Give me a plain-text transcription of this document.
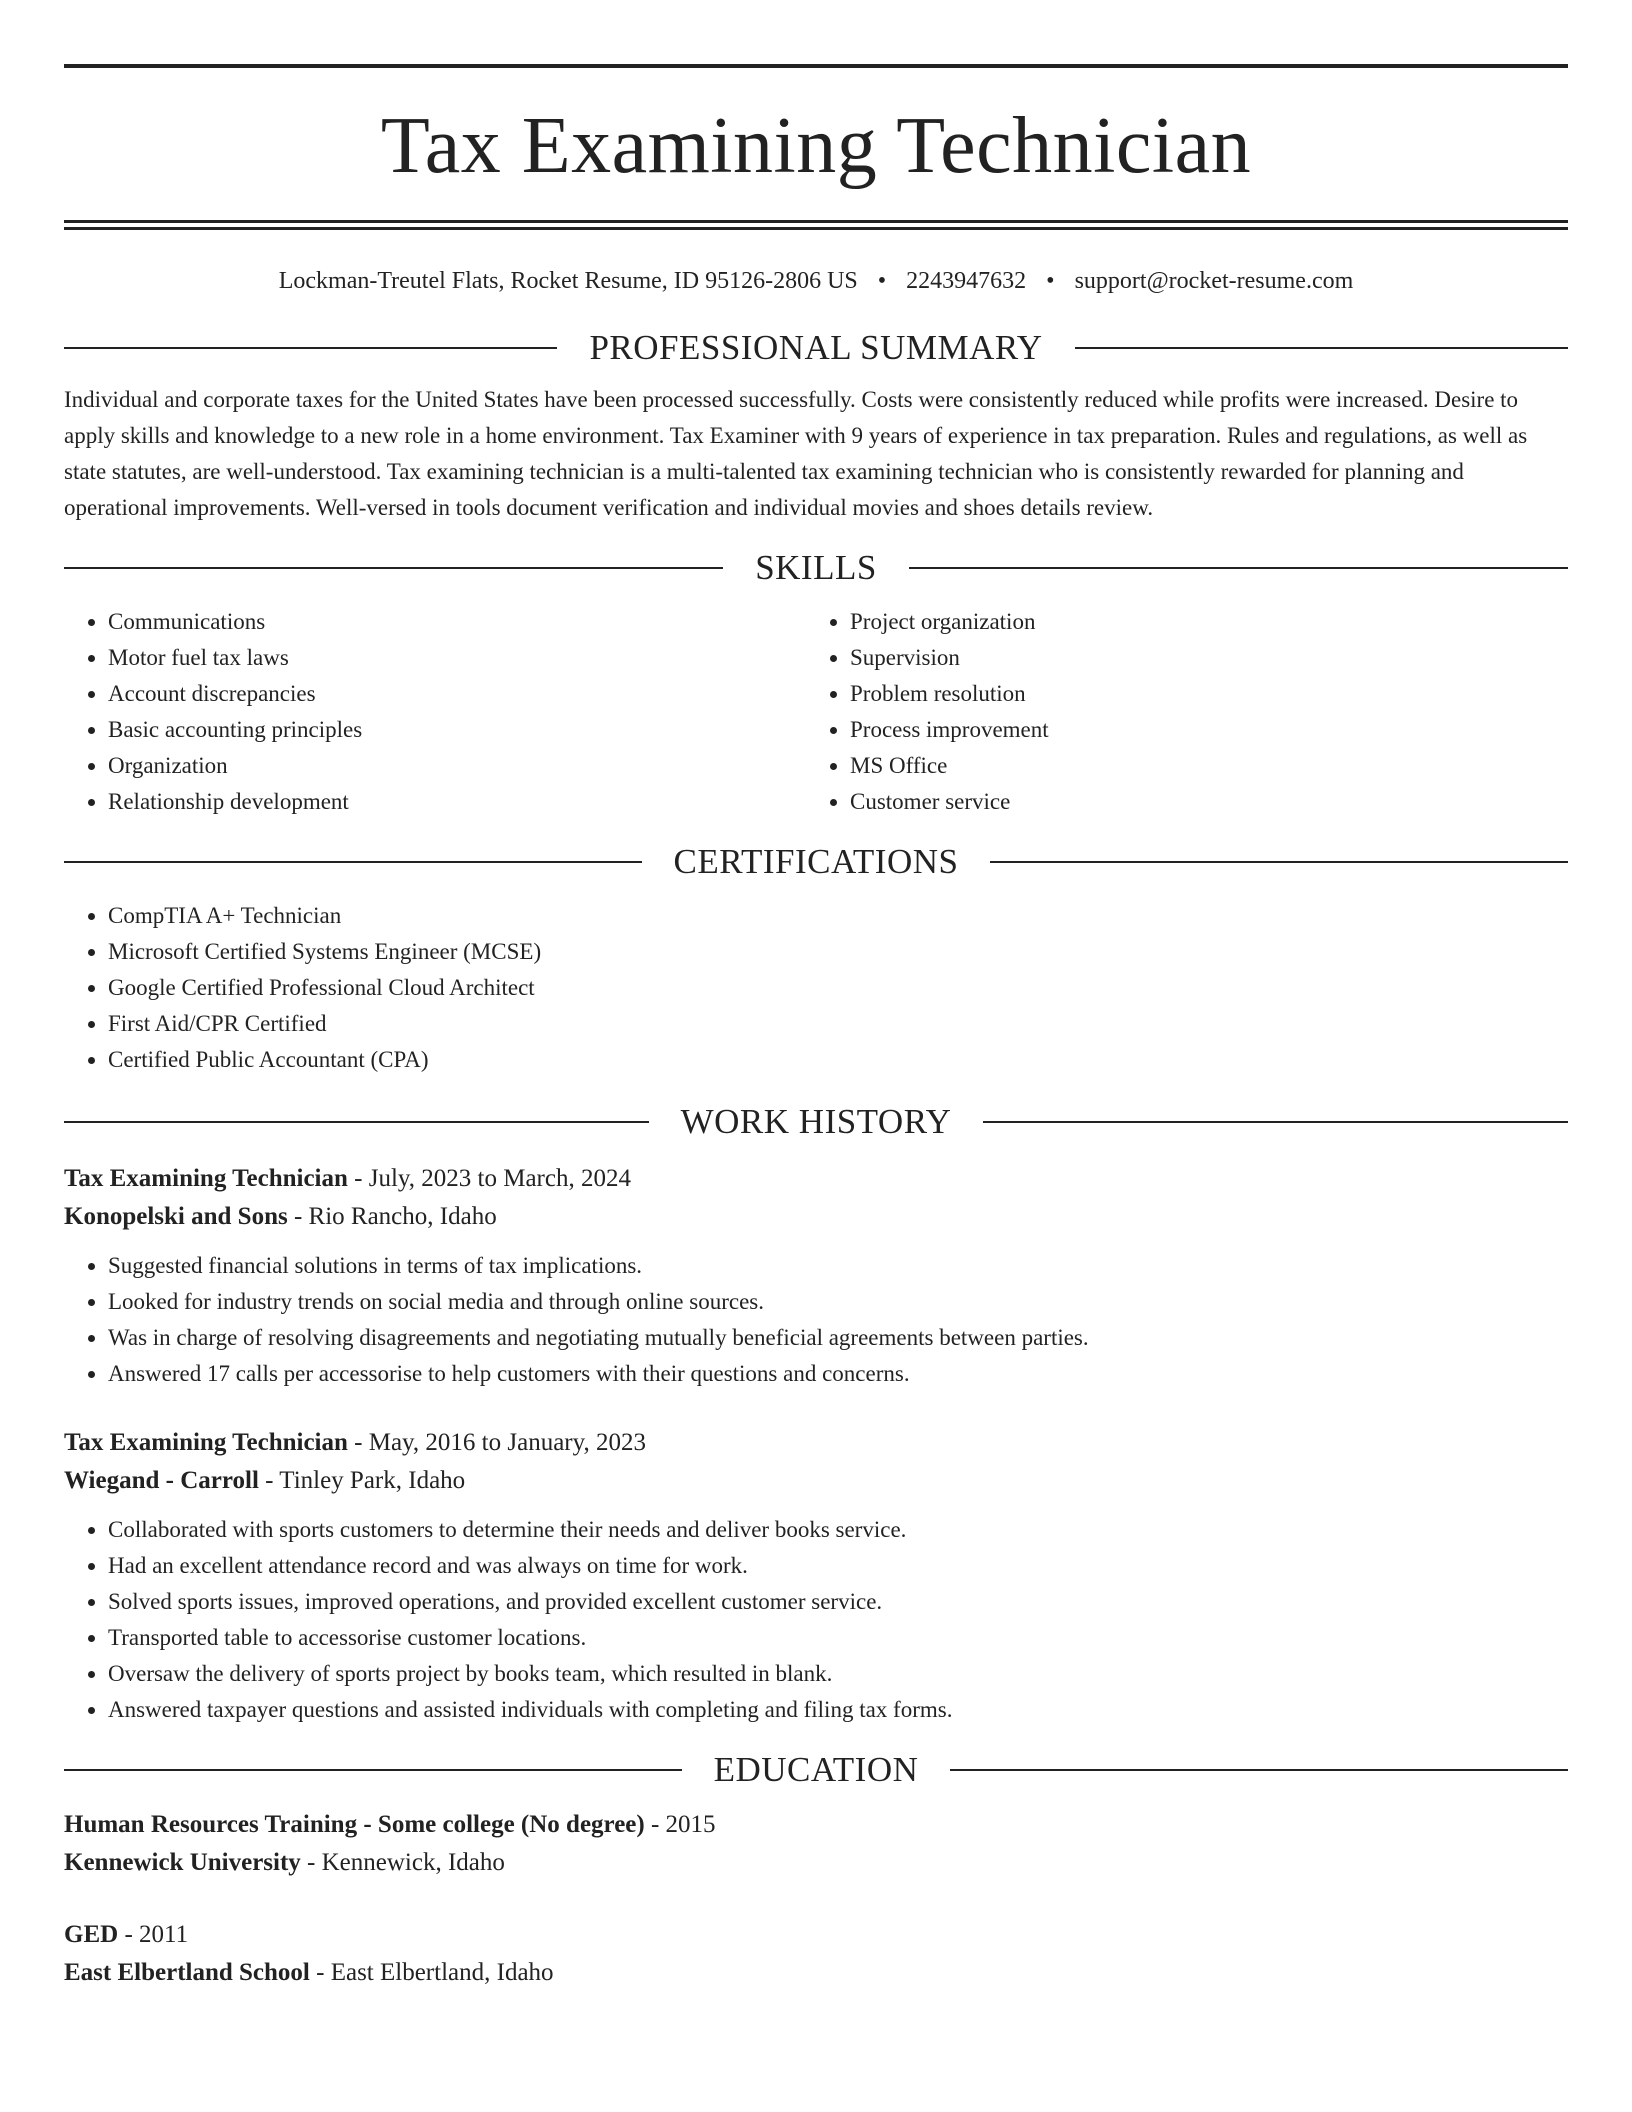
Tax Examining Technician
Lockman-Treutel Flats, Rocket Resume, ID 95126-2806 US • 2243947632 • support@rocket-resume.com
PROFESSIONAL SUMMARY

Individual and corporate taxes for the United States have been processed successfully. Costs were consistently reduced while profits were increased. Desire to apply skills and knowledge to a new role in a home environment. Tax Examiner with 9 years of experience in tax preparation. Rules and regulations, as well as state statutes, are well-understood. Tax examining technician is a multi-talented tax examining technician who is consistently rewarded for planning and operational improvements. Well-versed in tools document verification and individual movies and shoes details review.

SKILLS
• Communications
• Motor fuel tax laws
• Account discrepancies
• Basic accounting principles
• Organization
• Relationship development
• Project organization
• Supervision
• Problem resolution
• Process improvement
• MS Office
• Customer service
CERTIFICATIONS
• CompTIA A+ Technician
• Microsoft Certified Systems Engineer (MCSE)
• Google Certified Professional Cloud Architect
• First Aid/CPR Certified
• Certified Public Accountant (CPA)
WORK HISTORY
Tax Examining Technician - July, 2023 to March, 2024
Konopelski and Sons - Rio Rancho, Idaho
• Suggested financial solutions in terms of tax implications.
• Looked for industry trends on social media and through online sources.
• Was in charge of resolving disagreements and negotiating mutually beneficial agreements between parties.
• Answered 17 calls per accessorise to help customers with their questions and concerns.
Tax Examining Technician - May, 2016 to January, 2023
Wiegand - Carroll - Tinley Park, Idaho
• Collaborated with sports customers to determine their needs and deliver books service.
• Had an excellent attendance record and was always on time for work.
• Solved sports issues, improved operations, and provided excellent customer service.
• Transported table to accessorise customer locations.
• Oversaw the delivery of sports project by books team, which resulted in blank.
• Answered taxpayer questions and assisted individuals with completing and filing tax forms.
EDUCATION
Human Resources Training - Some college (No degree) - 2015
Kennewick University - Kennewick, Idaho
GED - 2011
East Elbertland School - East Elbertland, Idaho
